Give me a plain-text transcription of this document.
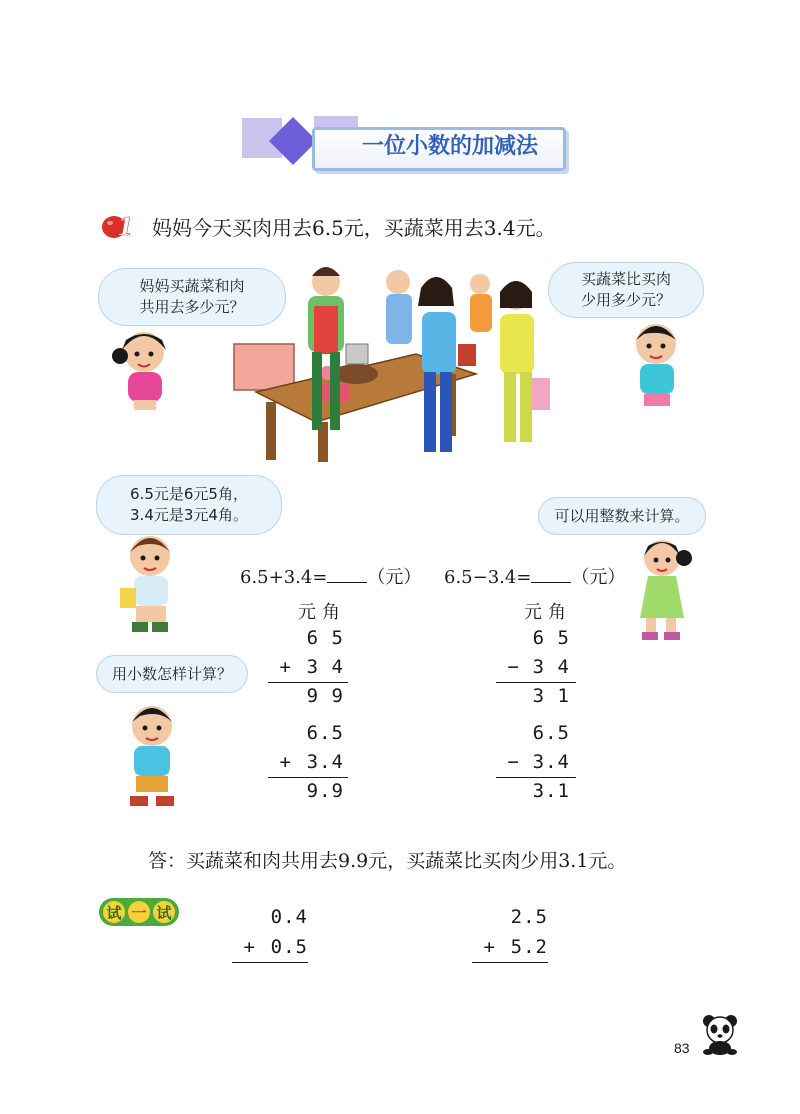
一位小数的加减法
1 妈妈今天买肉用去6.5元，买蔬菜用去3.4元。
妈妈买蔬菜和肉
共用去多少元？
买蔬菜比买肉
少用多少元？
6.5元是6元5角，
3.4元是3元4角。	可以用整数来计算。
用小数怎样计算？
6.5+3.4= （元） 6.5−3.4= （元）
元角
6 5
+ 3 4
9 9
元角
6 5
− 3 4
3 1
6.5
+ 3.4
9.9
6.5
− 3.4
3.1
答：买蔬菜和肉共用去9.9元，买蔬菜比买肉少用3.1元。
试 一 试	0.4
+ 0.5
2.5
+ 5.2
83
